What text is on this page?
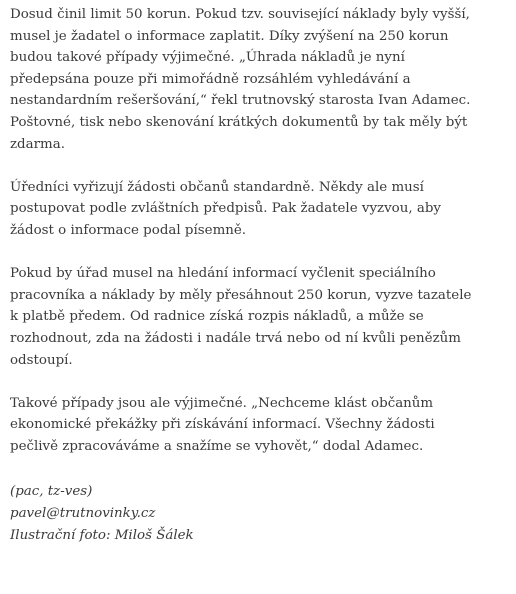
Dosud činil limit 50 korun. Pokud tzv. související náklady byly vyšší,
musel je žadatel o informace zaplatit. Díky zvýšení na 250 korun
budou takové případy výjimečné. „Úhrada nákladů je nyní
předepsána pouze při mimořádně rozsáhlém vyhledávání a
nestandardním rešeršování,“ řekl trutnovský starosta Ivan Adamec.
Poštovné, tisk nebo skenování krátkých dokumentů by tak měly být
zdarma.

Úředníci vyřizují žádosti občanů standardně. Někdy ale musí
postupovat podle zvláštních předpisů. Pak žadatele vyzvou, aby
žádost o informace podal písemně.

Pokud by úřad musel na hledání informací vyčlenit speciálního
pracovníka a náklady by měly přesáhnout 250 korun, vyzve tazatele
k platbě předem. Od radnice získá rozpis nákladů, a může se
rozhodnout, zda na žádosti i nadále trvá nebo od ní kvůli penězům
odstoupí.

Takové případy jsou ale výjimečné. „Nechceme klást občanům
ekonomické překážky při získávání informací. Všechny žádosti
pečlivě zpracováváme a snažíme se vyhovět,“ dodal Adamec.

(pac, tz-ves)
pavel@trutnovinky.cz
Ilustrační foto: Miloš Šálek
